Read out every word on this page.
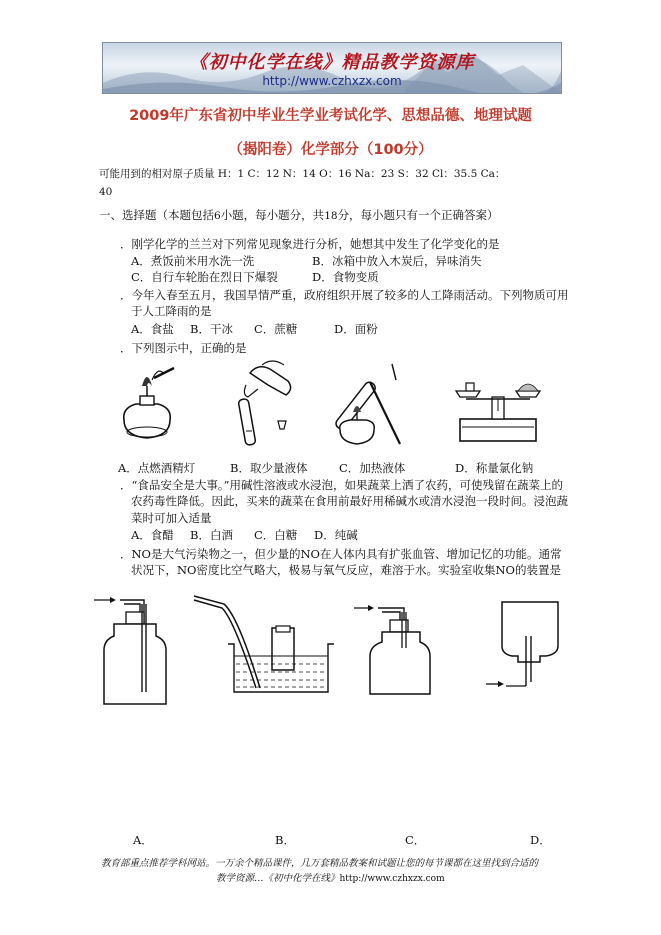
《初中化学在线》精品教学资源库
http://www.czhxzx.com
2009年广东省初中毕业生学业考试化学、思想品德、地理试题
（揭阳卷）化学部分（100分）
可能用到的相对原子质量 H：1 C：12 N：14 O：16 Na：23 S：32 Cl：35.5 Ca：
40
一、选择题（本题包括6小题，每小题分，共18分，每小题只有一个正确答案）
．刚学化学的兰兰对下列常见现象进行分析，她想其中发生了化学变化的是
A．煮饭前米用水洗一洗	B．冰箱中放入木炭后，异味消失
C．自行车轮胎在烈日下爆裂	D．食物变质
．今年入春至五月，我国旱情严重，政府组织开展了较多的人工降雨活动。下列物质可用
于人工降雨的是
A．食盐 B．干冰 C．蔗糖	D．面粉
．下列图示中，正确的是
A．点燃酒精灯	B．取少量液体	C．加热液体	D．称量氯化钠
．“食品安全是大事。”用碱性溶液或水浸泡，如果蔬菜上洒了农药，可使残留在蔬菜上的
农药毒性降低。因此，买来的蔬菜在食用前最好用稀碱水或清水浸泡一段时间。浸泡蔬
菜时可加入适量
A．食醋 B．白酒 C．白糖 D．纯碱
．NO是大气污染物之一，但少量的NO在人体内具有扩张血管、增加记忆的功能。通常
状况下，NO密度比空气略大，极易与氧气反应，难溶于水。实验室收集NO的装置是
A．	B．	C．	D．
教育部重点推荐学科网站。一万余个精品课件，几万套精品教案和试题让您的每节课都在这里找到合适的
教学资源…《初中化学在线》http://www.czhxzx.com
